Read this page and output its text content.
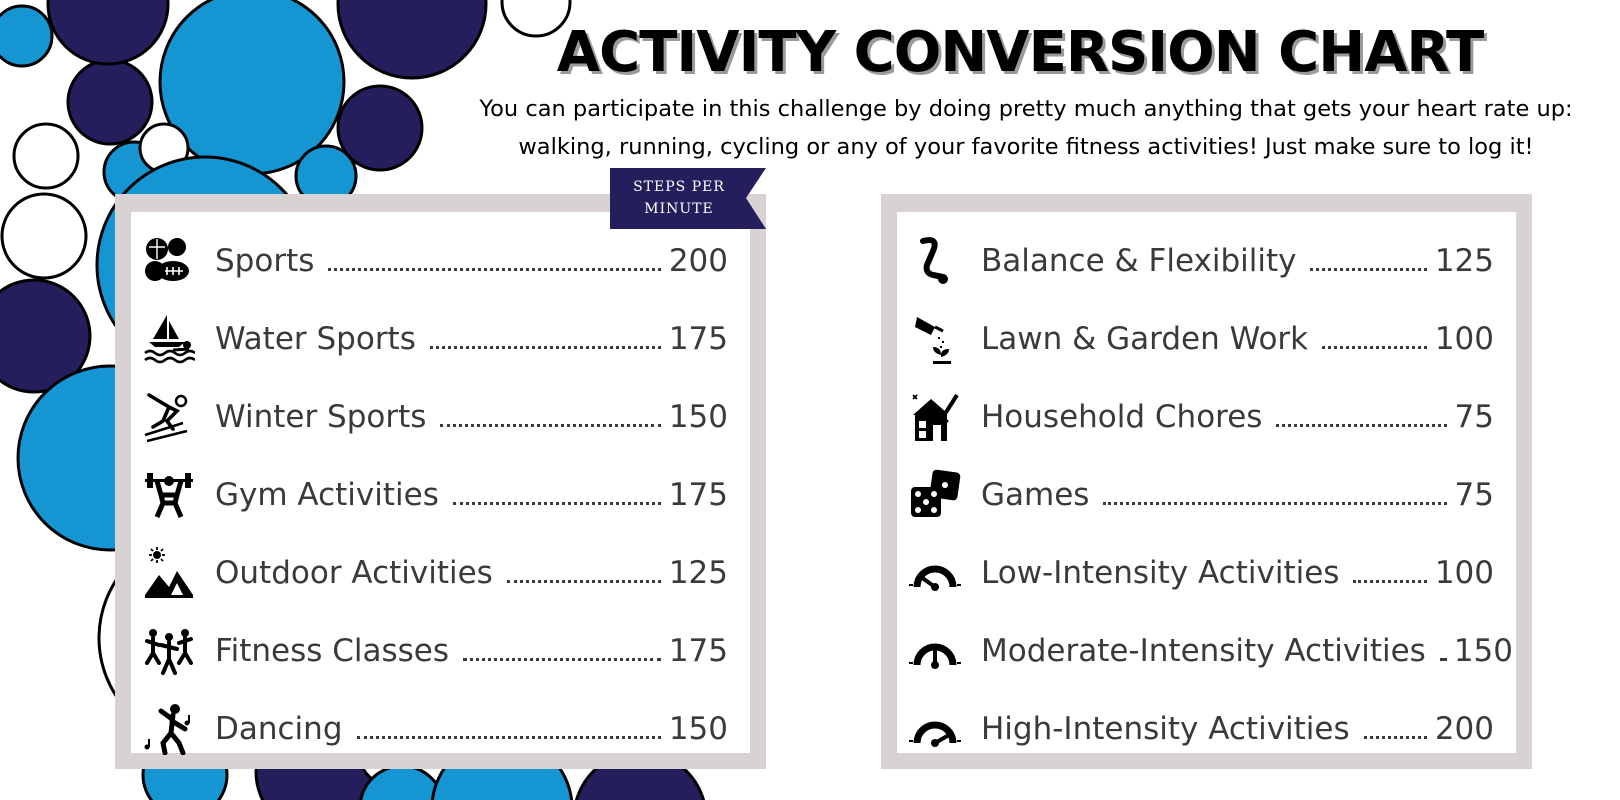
ACTIVITY CONVERSION CHART
You can participate in this challenge by doing pretty much anything that gets your heart rate up:
walking, running, cycling or any of your favorite fitness activities! Just make sure to log it!
Sports	200
Water Sports	175
Winter Sports	150
Gym Activities	175
Outdoor Activities	125
Fitness Classes	175
Dancing	150
STEPS PER
MINUTE
Balance & Flexibility	125
Lawn & Garden Work	100
Household Chores	75
Games	75
Low-Intensity Activities	100
Moderate-Intensity Activities 150
High-Intensity Activities	200
